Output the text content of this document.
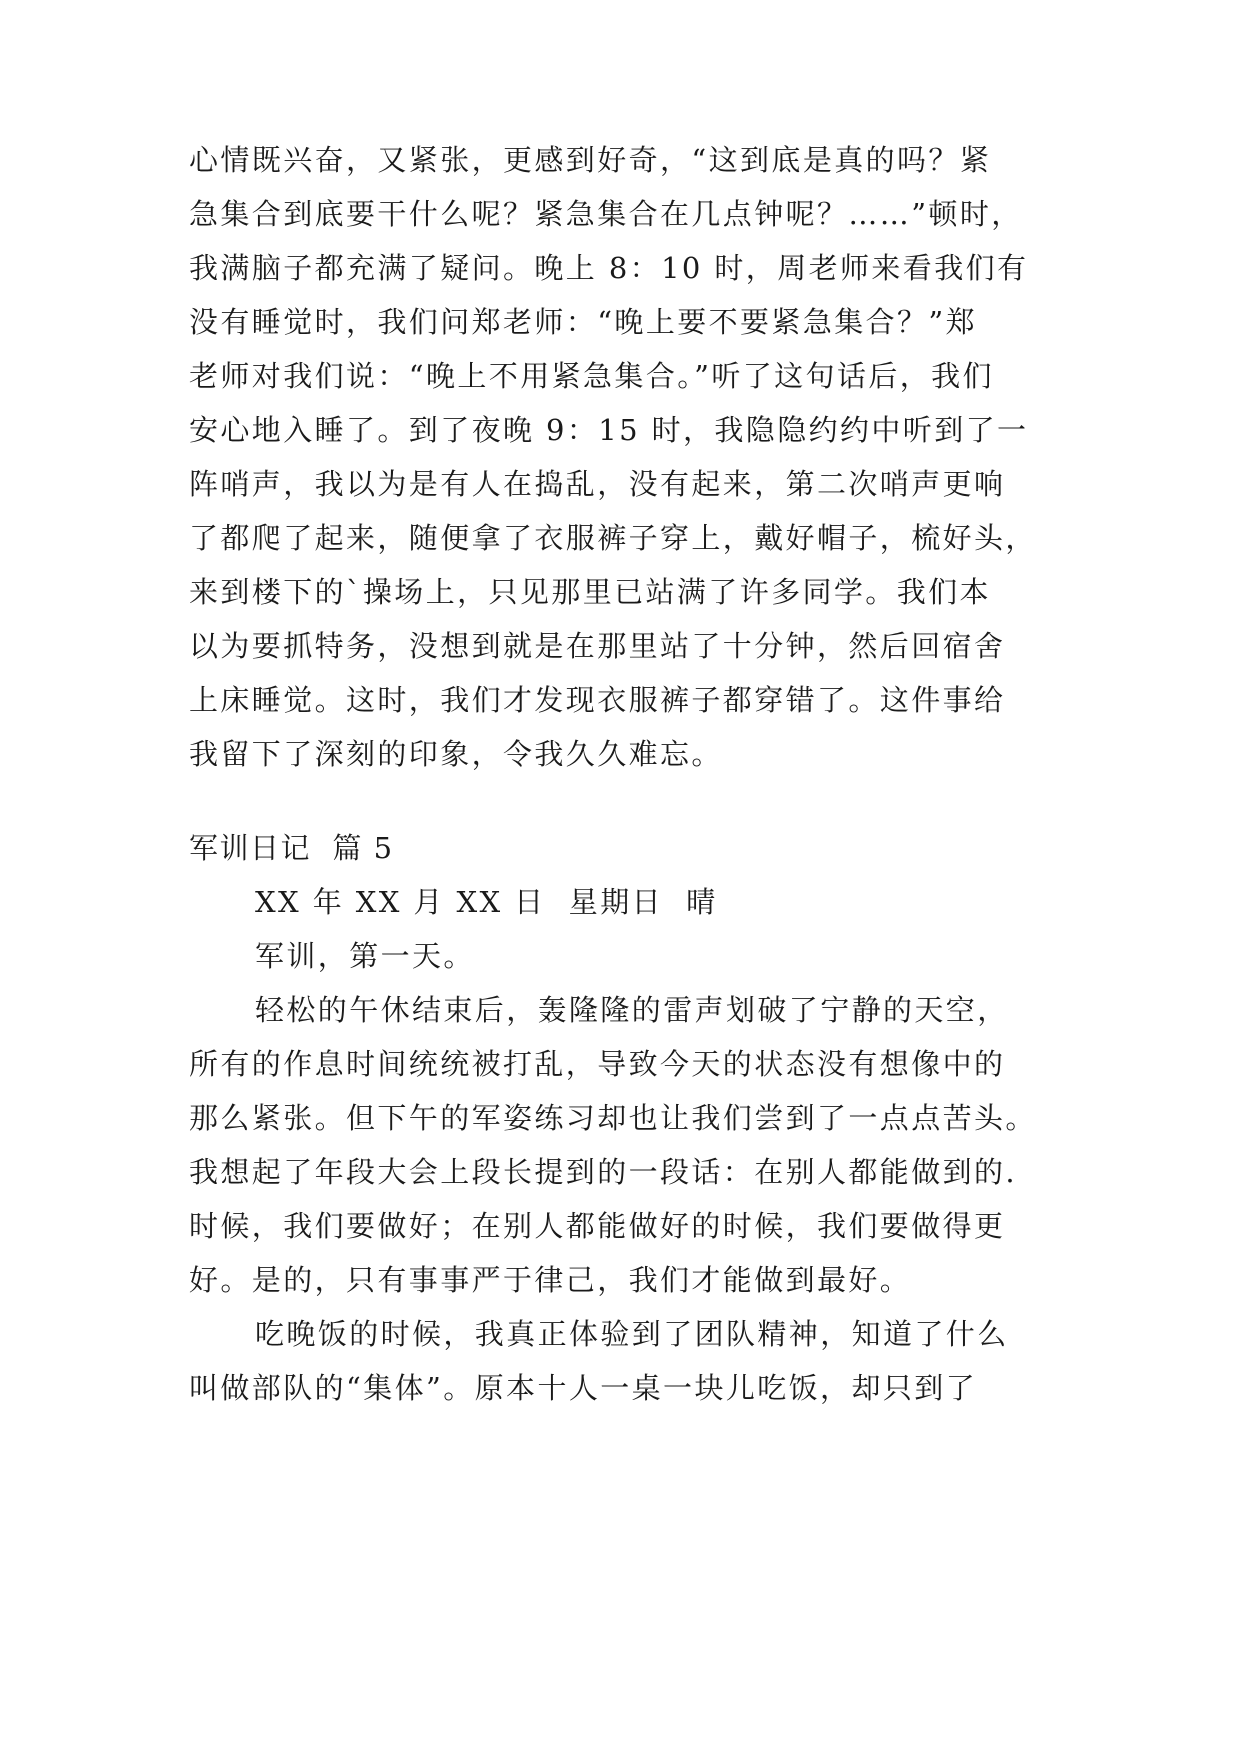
心情既兴奋，又紧张，更感到好奇，“这到底是真的吗？紧
急集合到底要干什么呢？紧急集合在几点钟呢？……”顿时，
我满脑子都充满了疑问。晚上 8：10 时，周老师来看我们有
没有睡觉时，我们问郑老师：“晚上要不要紧急集合？”郑
老师对我们说：“晚上不用紧急集合。”听了这句话后，我们
安心地入睡了。到了夜晚 9：15 时，我隐隐约约中听到了一
阵哨声，我以为是有人在捣乱，没有起来，第二次哨声更响
了都爬了起来，随便拿了衣服裤子穿上，戴好帽子，梳好头，
来到楼下的`操场上，只见那里已站满了许多同学。我们本
以为要抓特务，没想到就是在那里站了十分钟，然后回宿舍
上床睡觉。这时，我们才发现衣服裤子都穿错了。这件事给
我留下了深刻的印象，令我久久难忘。
军训日记  篇 5
XX 年 XX 月 XX 日  星期日  晴
军训，第一天。
轻松的午休结束后，轰隆隆的雷声划破了宁静的天空，
所有的作息时间统统被打乱，导致今天的状态没有想像中的
那么紧张。但下午的军姿练习却也让我们尝到了一点点苦头。
我想起了年段大会上段长提到的一段话：在别人都能做到的.
时候，我们要做好；在别人都能做好的时候，我们要做得更
好。是的，只有事事严于律己，我们才能做到最好。
吃晚饭的时候，我真正体验到了团队精神，知道了什么
叫做部队的“集体”。原本十人一桌一块儿吃饭，却只到了
